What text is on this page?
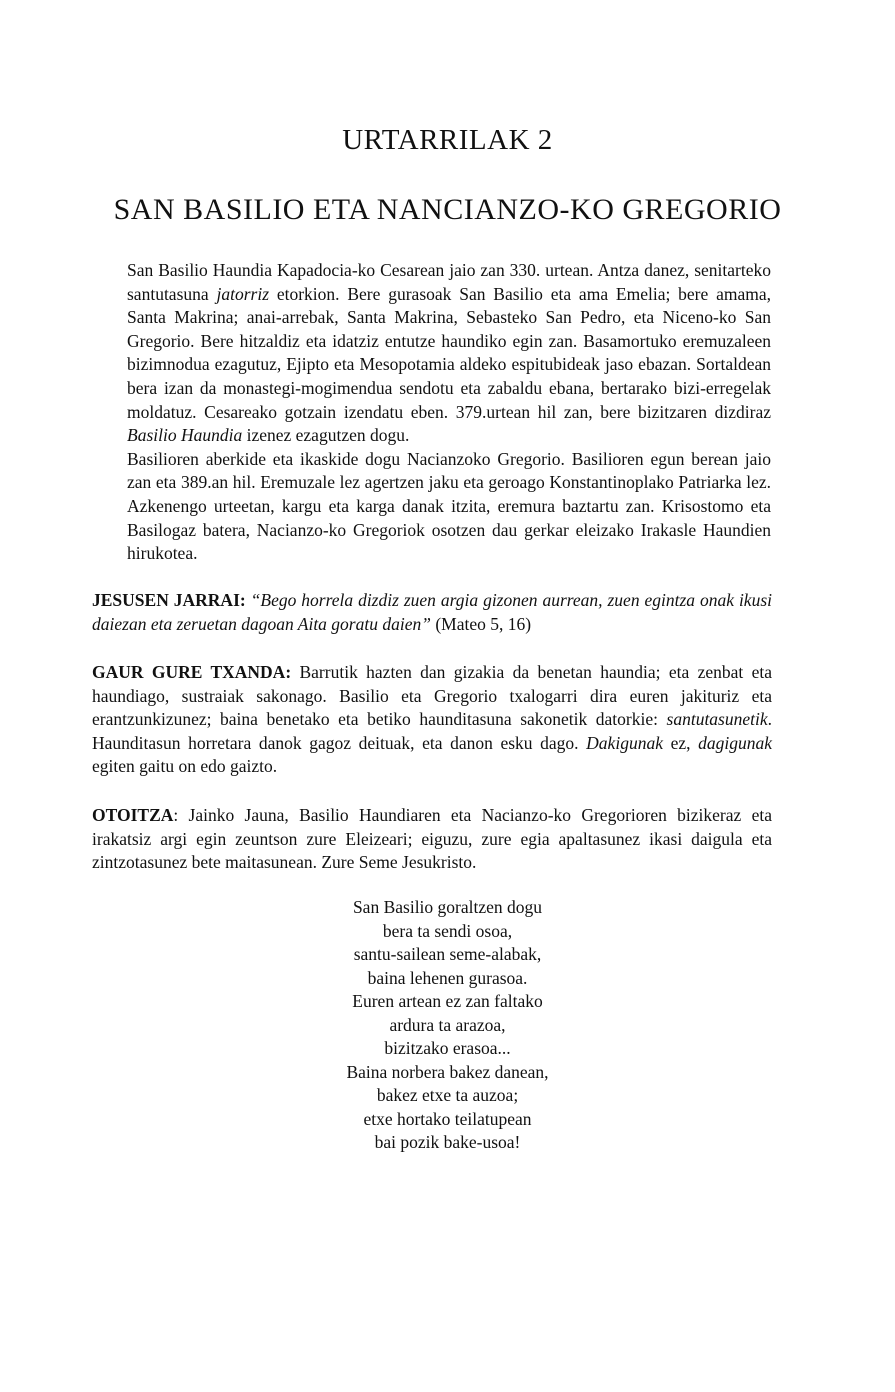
URTARRILAK 2
SAN BASILIO ETA NANCIANZO-KO GREGORIO

San Basilio Haundia Kapadocia-ko Cesarean jaio zan 330. urtean. Antza danez, senitarteko santutasuna jatorriz etorkion. Bere gurasoak San Basilio eta ama Emelia; bere amama, Santa Makrina; anai-arrebak, Santa Makrina, Sebasteko San Pedro, eta Niceno-ko San Gregorio. Bere hitzaldiz eta idatziz entutze haundiko egin zan. Basamortuko eremuzaleen bizimnodua ezagutuz, Ejipto eta Mesopotamia aldeko espitubideak jaso ebazan. Sortaldean bera izan da monastegi-mogimendua sendotu eta zabaldu ebana, bertarako bizi-erregelak moldatuz. Cesareako gotzain izendatu eben. 379.urtean hil zan, bere bizitzaren dizdiraz Basilio Haundia izenez ezagutzen dogu.

Basilioren aberkide eta ikaskide dogu Nacianzoko Gregorio. Basilioren egun berean jaio zan eta 389.an hil. Eremuzale lez agertzen jaku eta geroago Konstantinoplako Patriarka lez. Azkenengo urteetan, kargu eta karga danak itzita, eremura baztartu zan. Krisostomo eta Basilogaz batera, Nacianzo-ko Gregoriok osotzen dau gerkar eleizako Irakasle Haundien hirukotea.

JESUSEN JARRAI: “Bego horrela dizdiz zuen argia gizonen aurrean, zuen egintza onak ikusi daiezan eta zeruetan dagoan Aita goratu daien” (Mateo 5, 16)

GAUR GURE TXANDA: Barrutik hazten dan gizakia da benetan haundia; eta zenbat eta haundiago, sustraiak sakonago. Basilio eta Gregorio txalogarri dira euren jakituriz eta erantzunkizunez; baina benetako eta betiko haunditasuna sakonetik datorkie: santutasunetik. Haunditasun horretara danok gagoz deituak, eta danon esku dago. Dakigunak ez, dagigunak egiten gaitu on edo gaizto.

OTOITZA: Jainko Jauna, Basilio Haundiaren eta Nacianzo-ko Gregorioren bizikeraz eta irakatsiz argi egin zeuntson zure Eleizeari; eiguzu, zure egia apaltasunez ikasi daigula eta zintzotasunez bete maitasunean. Zure Seme Jesukristo.

San Basilio goraltzen dogu
bera ta sendi osoa,
santu-sailean seme-alabak,
baina lehenen gurasoa.
Euren artean ez zan faltako
ardura ta arazoa,
bizitzako erasoa...
Baina norbera bakez danean,
bakez etxe ta auzoa;
etxe hortako teilatupean
bai pozik bake-usoa!
